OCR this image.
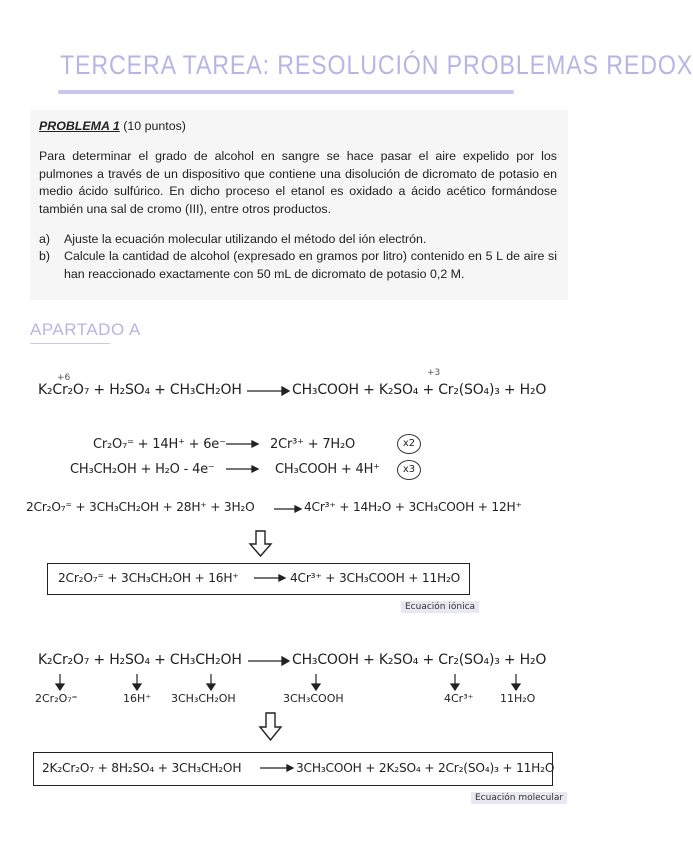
TERCERA TAREA: RESOLUCIÓN PROBLEMAS REDOX
PROBLEMA 1 (10 puntos)
Para determinar el grado de alcohol en sangre se hace pasar el aire expelido por los pulmones a través de un dispositivo que contiene una disolución de dicromato de potasio en medio ácido sulfúrico. En dicho proceso el etanol es oxidado a ácido acético formándose también una sal de cromo (III), entre otros productos.
a) Ajuste la ecuación molecular utilizando el método del ión electrón.
b) Calcule la cantidad de alcohol (expresado en gramos por litro) contenido en 5 L de aire si han reaccionado exactamente con 50 mL de dicromato de potasio 0,2 M.
APARTADO A
+6	+3
K₂Cr₂O₇ + H₂SO₄ + CH₃CH₂OH	CH₃COOH + K₂SO₄ + Cr₂(SO₄)₃ + H₂O
Cr₂O₇⁼ + 14H⁺ + 6e⁻	2Cr³⁺ + 7H₂O	x2
CH₃CH₂OH + H₂O - 4e⁻	CH₃COOH + 4H⁺	x3
2Cr₂O₇⁼ + 3CH₃CH₂OH + 28H⁺ + 3H₂O	4Cr³⁺ + 14H₂O + 3CH₃COOH + 12H⁺
2Cr₂O₇⁼ + 3CH₃CH₂OH + 16H⁺	4Cr³⁺ + 3CH₃COOH + 11H₂O
Ecuación iónica
K₂Cr₂O₇ + H₂SO₄ + CH₃CH₂OH	CH₃COOH + K₂SO₄ + Cr₂(SO₄)₃ + H₂O
2Cr₂O₇⁼	16H⁺ 3CH₃CH₂OH	3CH₃COOH	4Cr³⁺ 11H₂O
2K₂Cr₂O₇ + 8H₂SO₄ + 3CH₃CH₂OH	3CH₃COOH + 2K₂SO₄ + 2Cr₂(SO₄)₃ + 11H₂O
Ecuación molecular
